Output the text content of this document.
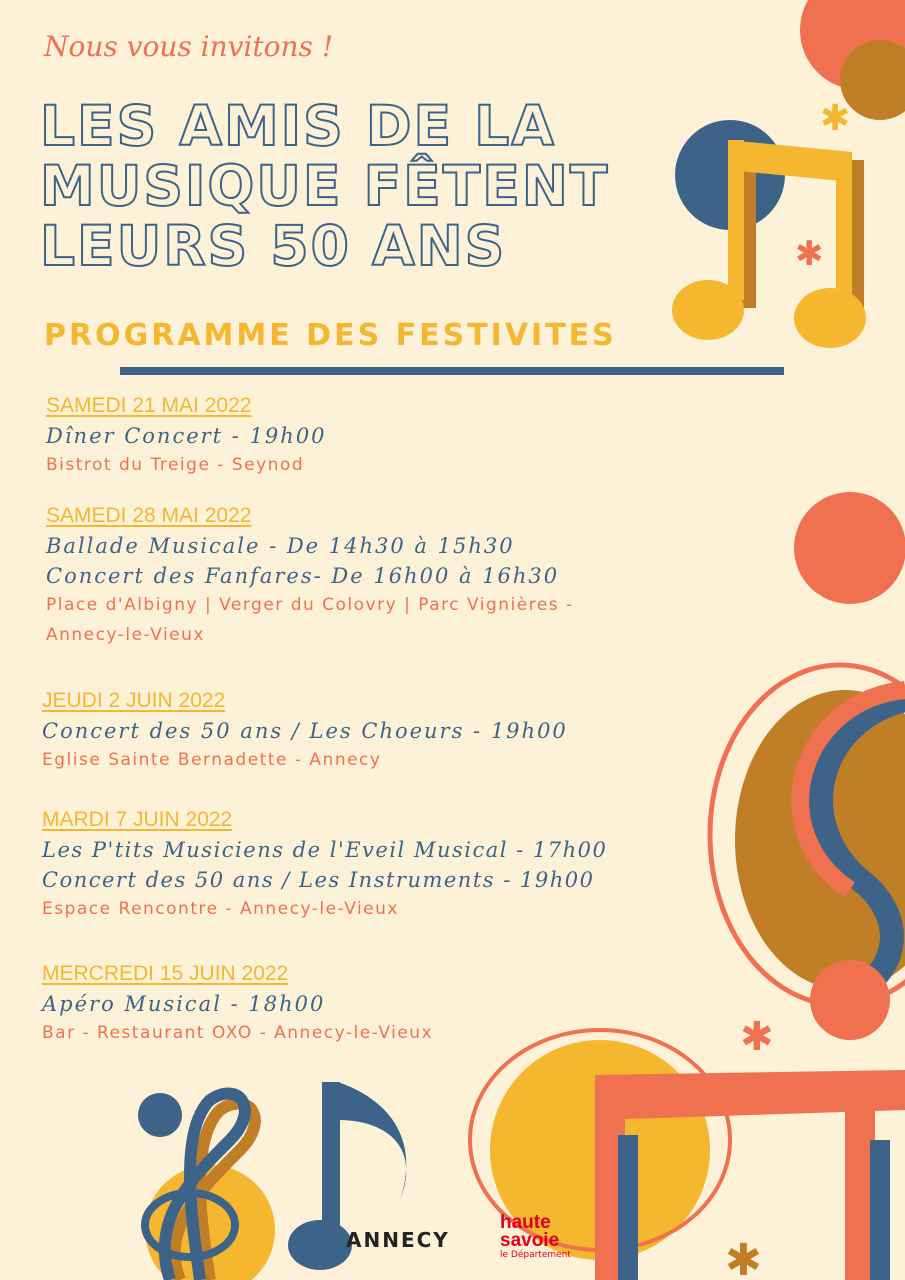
✱
✱
✱
✱
Nous vous invitons !
LES AMIS DE LA MUSIQUE FÊTENT LEURS 50 ANS
PROGRAMME DES FESTIVITES
SAMEDI 21 MAI 2022
Dîner Concert - 19h00
Bistrot du Treige - Seynod
SAMEDI 28 MAI 2022
Ballade Musicale - De 14h30 à 15h30
Concert des Fanfares- De 16h00 à 16h30
Place d'Albigny | Verger du Colovry | Parc Vignières -
Annecy-le-Vieux
JEUDI 2 JUIN 2022
Concert des 50 ans / Les Choeurs - 19h00
Eglise Sainte Bernadette - Annecy
MARDI 7 JUIN 2022
Les P'tits Musiciens de l'Eveil Musical - 17h00
Concert des 50 ans / Les Instruments - 19h00
Espace Rencontre - Annecy-le-Vieux
MERCREDI 15 JUIN 2022
Apéro Musical - 18h00
Bar - Restaurant OXO - Annecy-le-Vieux
ANNECY
haute
savoie
le Département
